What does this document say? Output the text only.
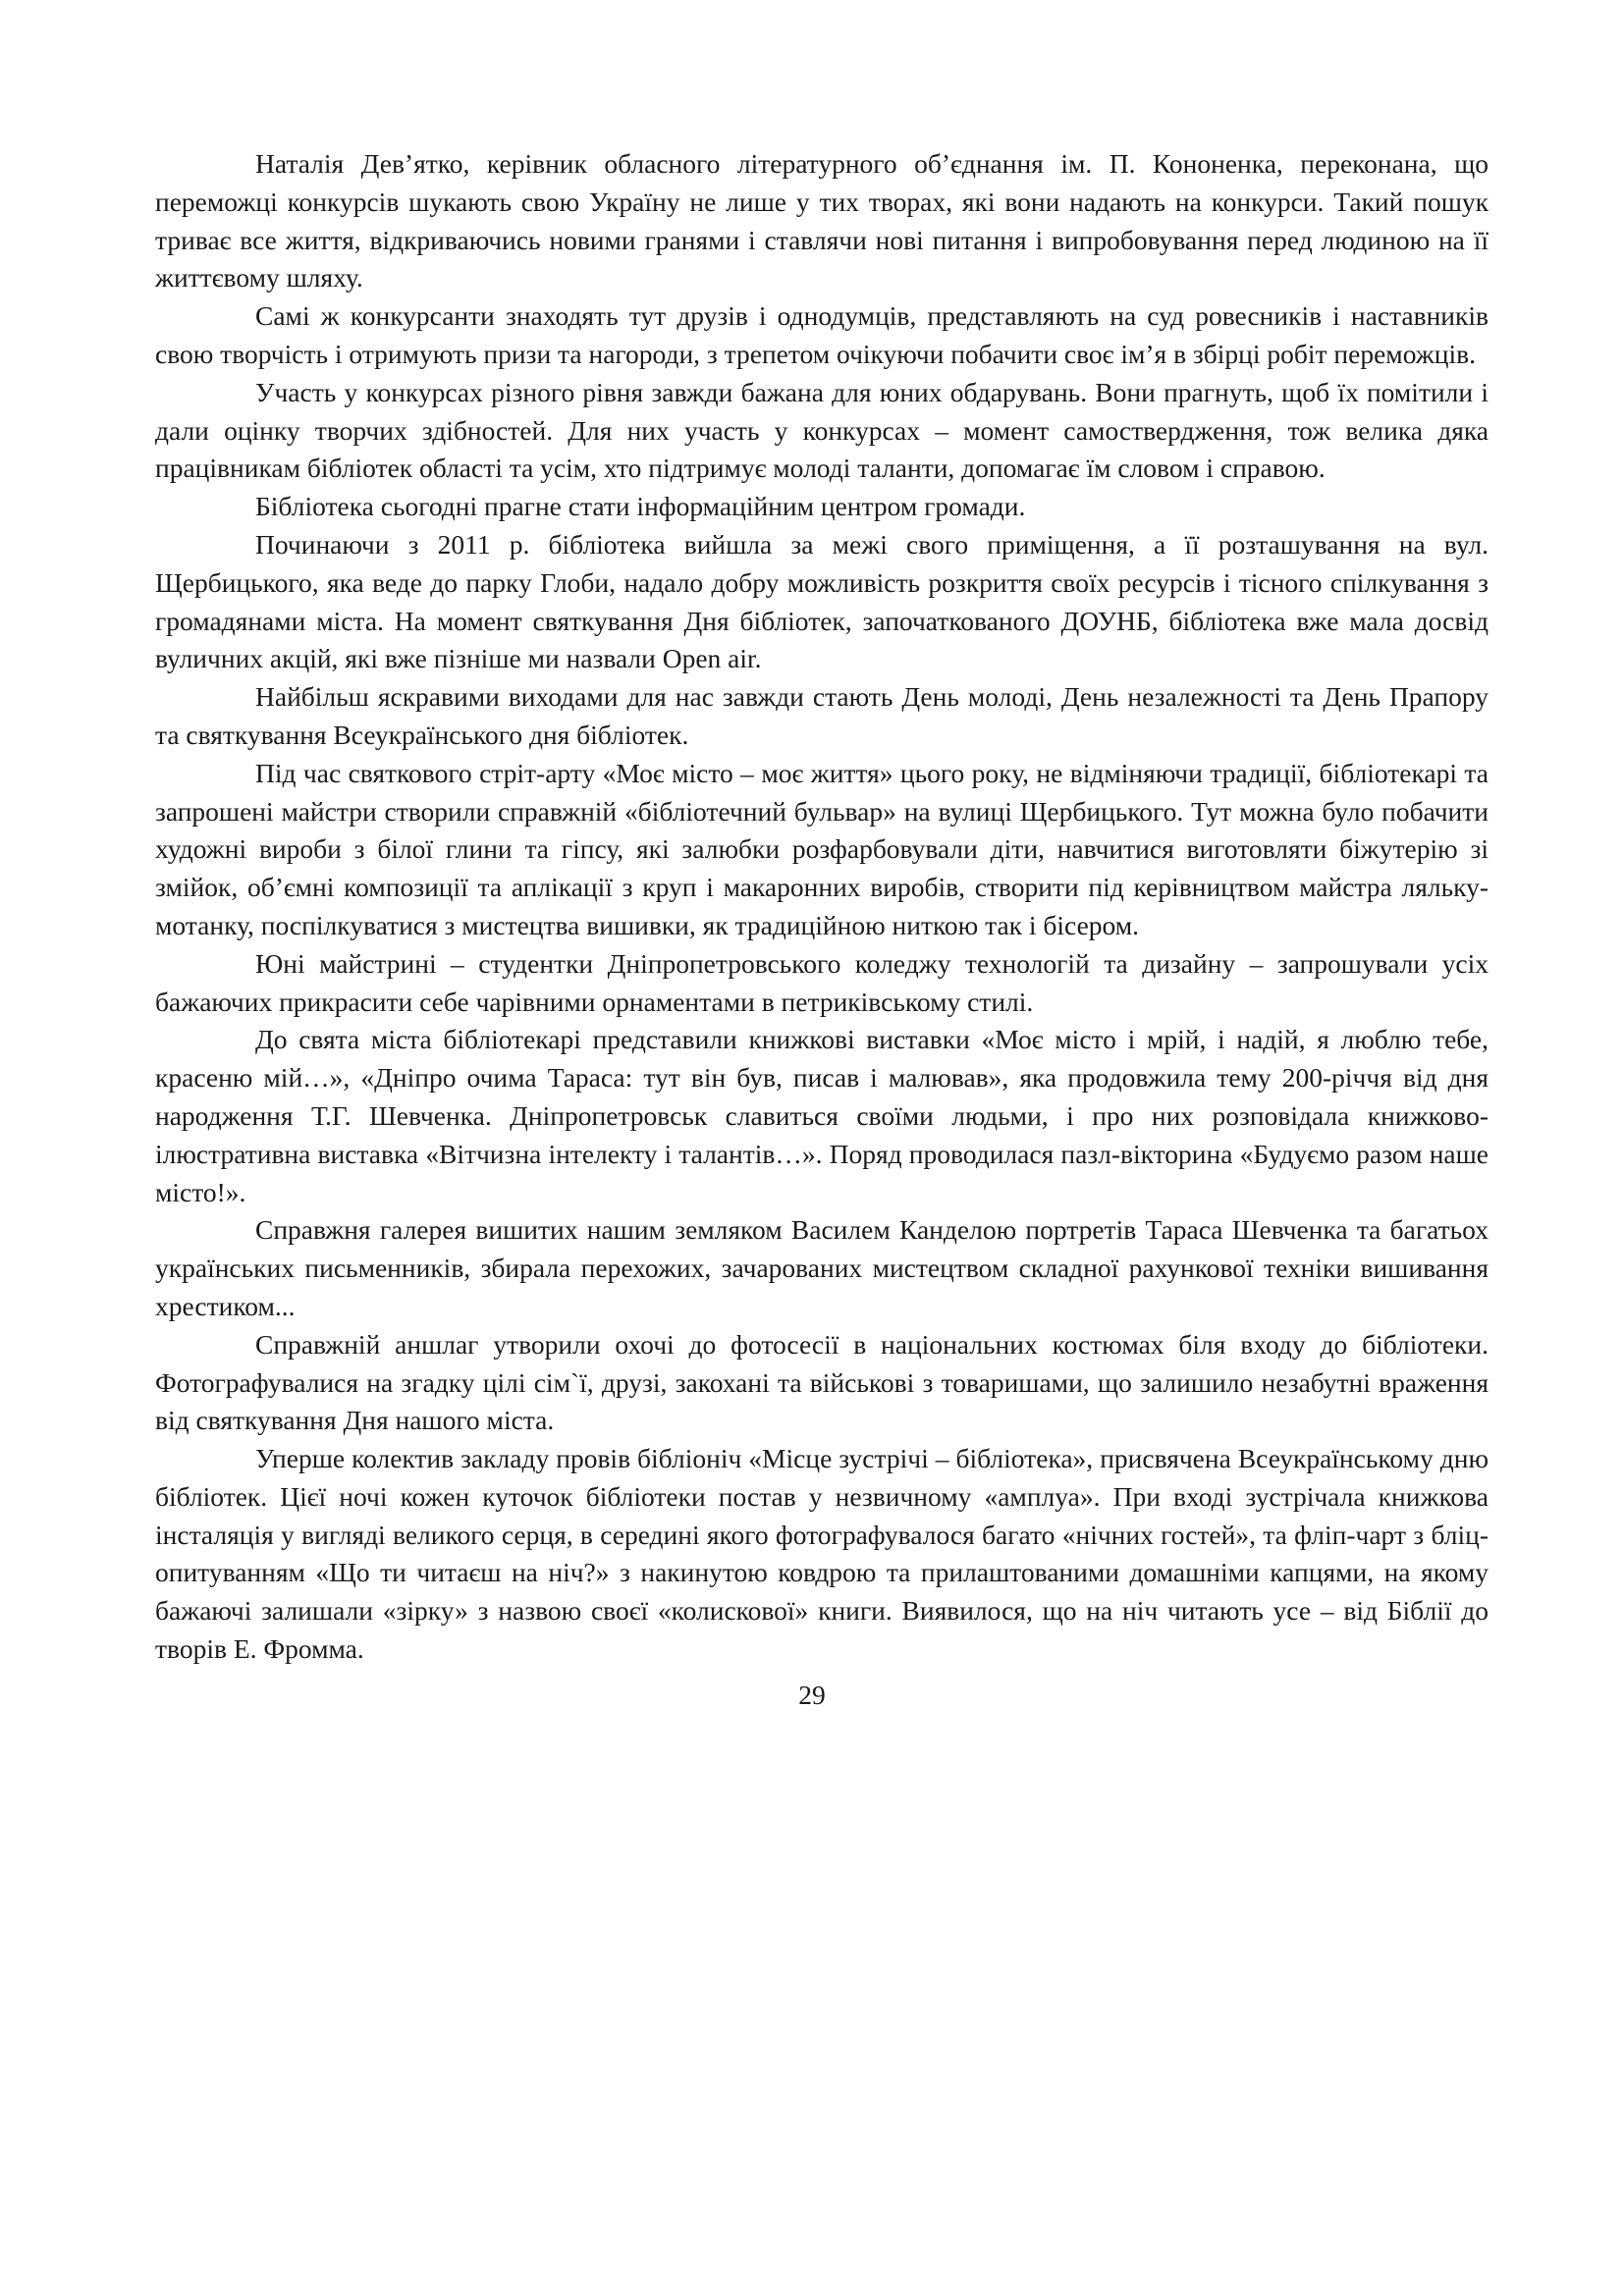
Наталія Дев’ятко, керівник обласного літературного об’єднання ім. П. Кононенка, переконана, що переможці конкурсів шукають свою Україну не лише у тих творах, які вони надають на конкурси. Такий пошук триває все життя, відкриваючись новими гранями і ставлячи нові питання і випробовування перед людиною на її життєвому шляху.

Самі ж конкурсанти знаходять тут друзів і однодумців, представляють на суд ровесників і наставників свою творчість і отримують призи та нагороди, з трепетом очікуючи побачити своє ім’я в збірці робіт переможців.

Участь у конкурсах різного рівня завжди бажана для юних обдарувань. Вони прагнуть, щоб їх помітили і дали оцінку творчих здібностей. Для них участь у конкурсах – момент самоствердження, тож велика дяка працівникам бібліотек області та усім, хто підтримує молоді таланти, допомагає їм словом і справою.

Бібліотека сьогодні прагне стати інформаційним центром громади.

Починаючи з 2011 р. бібліотека вийшла за межі свого приміщення, а її розташування на вул. Щербицького, яка веде до парку Глоби, надало добру можливість розкриття своїх ресурсів і тісного спілкування з громадянами міста. На момент святкування Дня бібліотек, започаткованого ДОУНБ, бібліотека вже мала досвід вуличних акцій, які вже пізніше ми назвали Open air.

Найбільш яскравими виходами для нас завжди стають День молоді, День незалежності та День Прапору та святкування Всеукраїнського дня бібліотек.

Під час святкового стріт-арту «Моє місто – моє життя» цього року, не відміняючи традиції, бібліотекарі та запрошені майстри створили справжній «бібліотечний бульвар» на вулиці Щербицького. Тут можна було побачити художні вироби з білої глини та гіпсу, які залюбки розфарбовували діти, навчитися виготовляти біжутерію зі змійок, об’ємні композиції та аплікації з круп і макаронних виробів, створити під керівництвом майстра ляльку-мотанку, поспілкуватися з мистецтва вишивки, як традиційною ниткою так і бісером.

Юні майстрині – студентки Дніпропетровського коледжу технологій та дизайну – запрошували усіх бажаючих прикрасити себе чарівними орнаментами в петриківському стилі.

До свята міста бібліотекарі представили книжкові виставки «Моє місто і мрій, і надій, я люблю тебе, красеню мій…», «Дніпро очима Тараса: тут він був, писав і малював», яка продовжила тему 200-річчя від дня народження Т.Г. Шевченка. Дніпропетровськ славиться своїми людьми, і про них розповідала книжково-ілюстративна виставка «Вітчизна інтелекту і талантів…». Поряд проводилася пазл-вікторина «Будуємо разом наше місто!».

Справжня галерея вишитих нашим земляком Василем Канделою портретів Тараса Шевченка та багатьох українських письменників, збирала перехожих, зачарованих мистецтвом складної рахункової техніки вишивання хрестиком...

Справжній аншлаг утворили охочі до фотосесії в національних костюмах біля входу до бібліотеки. Фотографувалися на згадку цілі сім`ї, друзі, закохані та військові з товаришами, що залишило незабутні враження від святкування Дня нашого міста.

Уперше колектив закладу провів бібліоніч «Місце зустрічі – бібліотека», присвячена Всеукраїнському дню бібліотек. Цієї ночі кожен куточок бібліотеки постав у незвичному «амплуа». При вході зустрічала книжкова інсталяція у вигляді великого серця, в середині якого фотографувалося багато «нічних гостей», та фліп-чарт з бліц-опитуванням «Що ти читаєш на ніч?» з накинутою ковдрою та прилаштованими домашніми капцями, на якому бажаючі залишали «зірку» з назвою своєї «колискової» книги. Виявилося, що на ніч читають усе – від Біблії до творів Е. Фромма.

29
